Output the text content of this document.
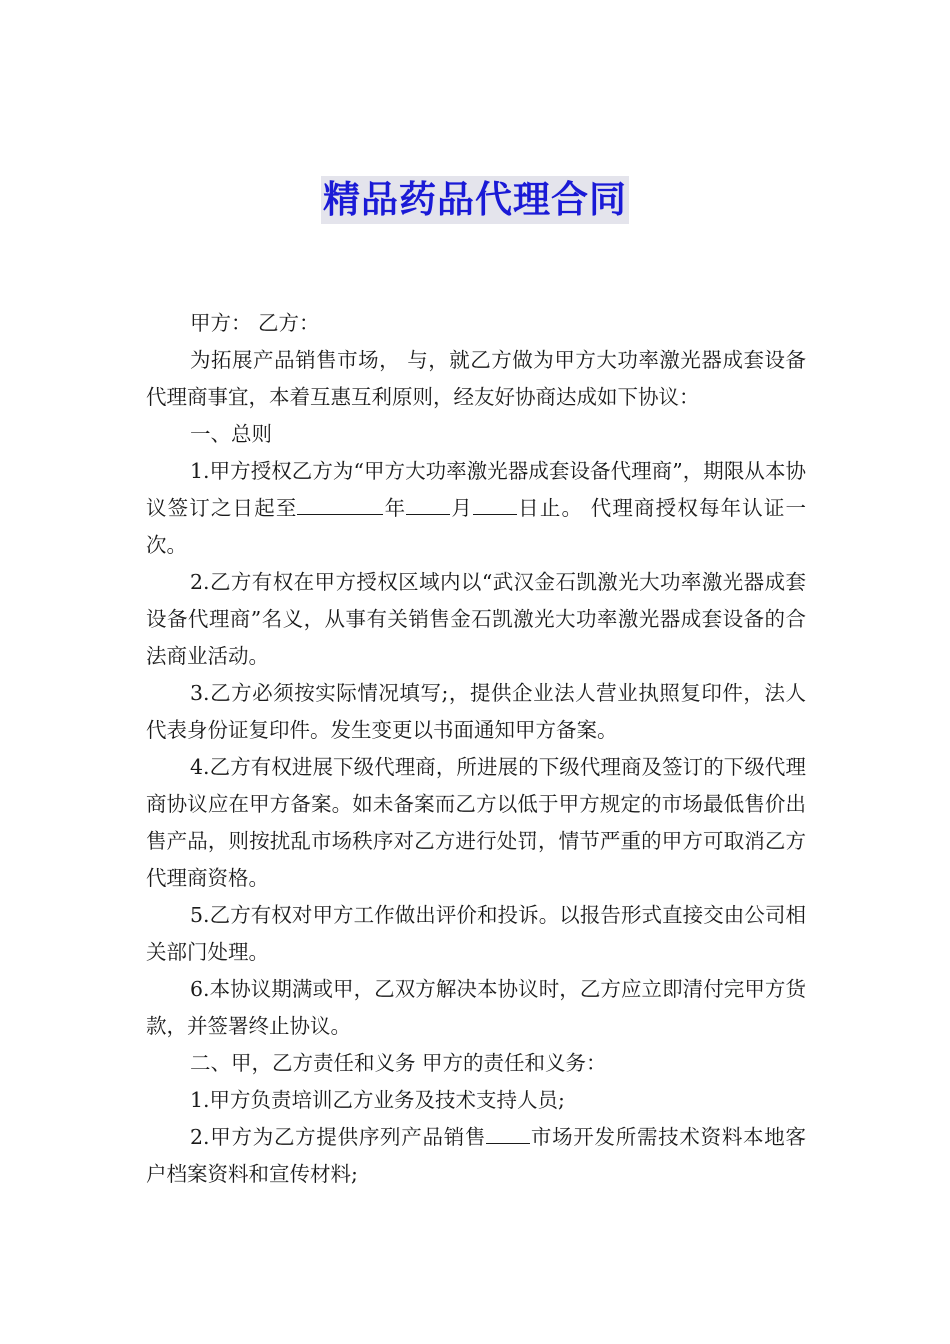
精品药品代理合同

甲方： 乙方：

为拓展产品销售市场， 与，就乙方做为甲方大功率激光器成套设备代理商事宜，本着互惠互利原则，经友好协商达成如下协议：

一、总则

1.甲方授权乙方为“甲方大功率激光器成套设备代理商”，期限从本协议签订之日起至	年 月 日止。 代理商授权每年认证一次。

2.乙方有权在甲方授权区域内以“武汉金石凯激光大功率激光器成套设备代理商”名义，从事有关销售金石凯激光大功率激光器成套设备的合法商业活动。

3.乙方必须按实际情况填写;，提供企业法人营业执照复印件，法人代表身份证复印件。发生变更以书面通知甲方备案。

4.乙方有权进展下级代理商，所进展的下级代理商及签订的下级代理商协议应在甲方备案。如未备案而乙方以低于甲方规定的市场最低售价出售产品，则按扰乱市场秩序对乙方进行处罚，情节严重的甲方可取消乙方代理商资格。

5.乙方有权对甲方工作做出评价和投诉。以报告形式直接交由公司相关部门处理。

6.本协议期满或甲，乙双方解决本协议时，乙方应立即清付完甲方货款，并签署终止协议。

二、甲，乙方责任和义务 甲方的责任和义务：

1.甲方负责培训乙方业务及技术支持人员;

2.甲方为乙方提供序列产品销售 市场开发所需技术资料本地客户档案资料和宣传材料;
